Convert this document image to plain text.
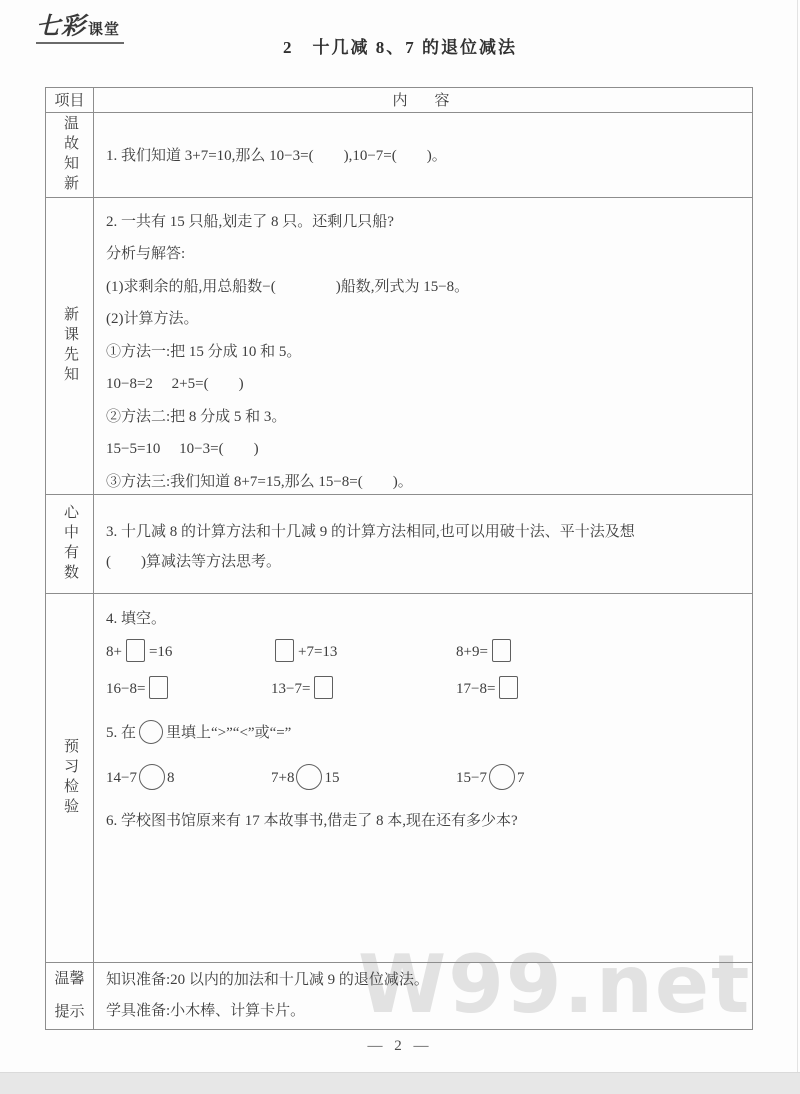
W99.net
七彩 课堂
2　十几减 8、7 的退位减法
项目	内　容
温故知新 1. 我们知道 3+7=10,那么 10−3=(　　),10−7=(　　)。
新课先知
2. 一共有 15 只船,划走了 8 只。还剩几只船?
分析与解答:
(1)求剩余的船,用总船数−(　　　　)船数,列式为 15−8。
(2)计算方法。
①方法一:把 15 分成 10 和 5。
10−8=2　 2+5=(　　)
②方法二:把 8 分成 5 和 3。
15−5=10　 10−3=(　　)
③方法三:我们知道 8+7=15,那么 15−8=(　　)。
心中有数 3. 十几减 8 的计算方法和十几减 9 的计算方法相同,也可以用破十法、平十法及想
(　　)算减法等方法思考。
预习检验
4. 填空。
8+ =16	+7=13	8+9=
16−8=	13−7=	17−8=
5. 在 里填上“>”“<”或“=”
14−7 8	7+8 15	15−7 7
6. 学校图书馆原来有 17 本故事书,借走了 8 本,现在还有多少本?
温馨
提示
知识准备:20 以内的加法和十几减 9 的退位减法。
学具准备:小木棒、计算卡片。
— 2 —
